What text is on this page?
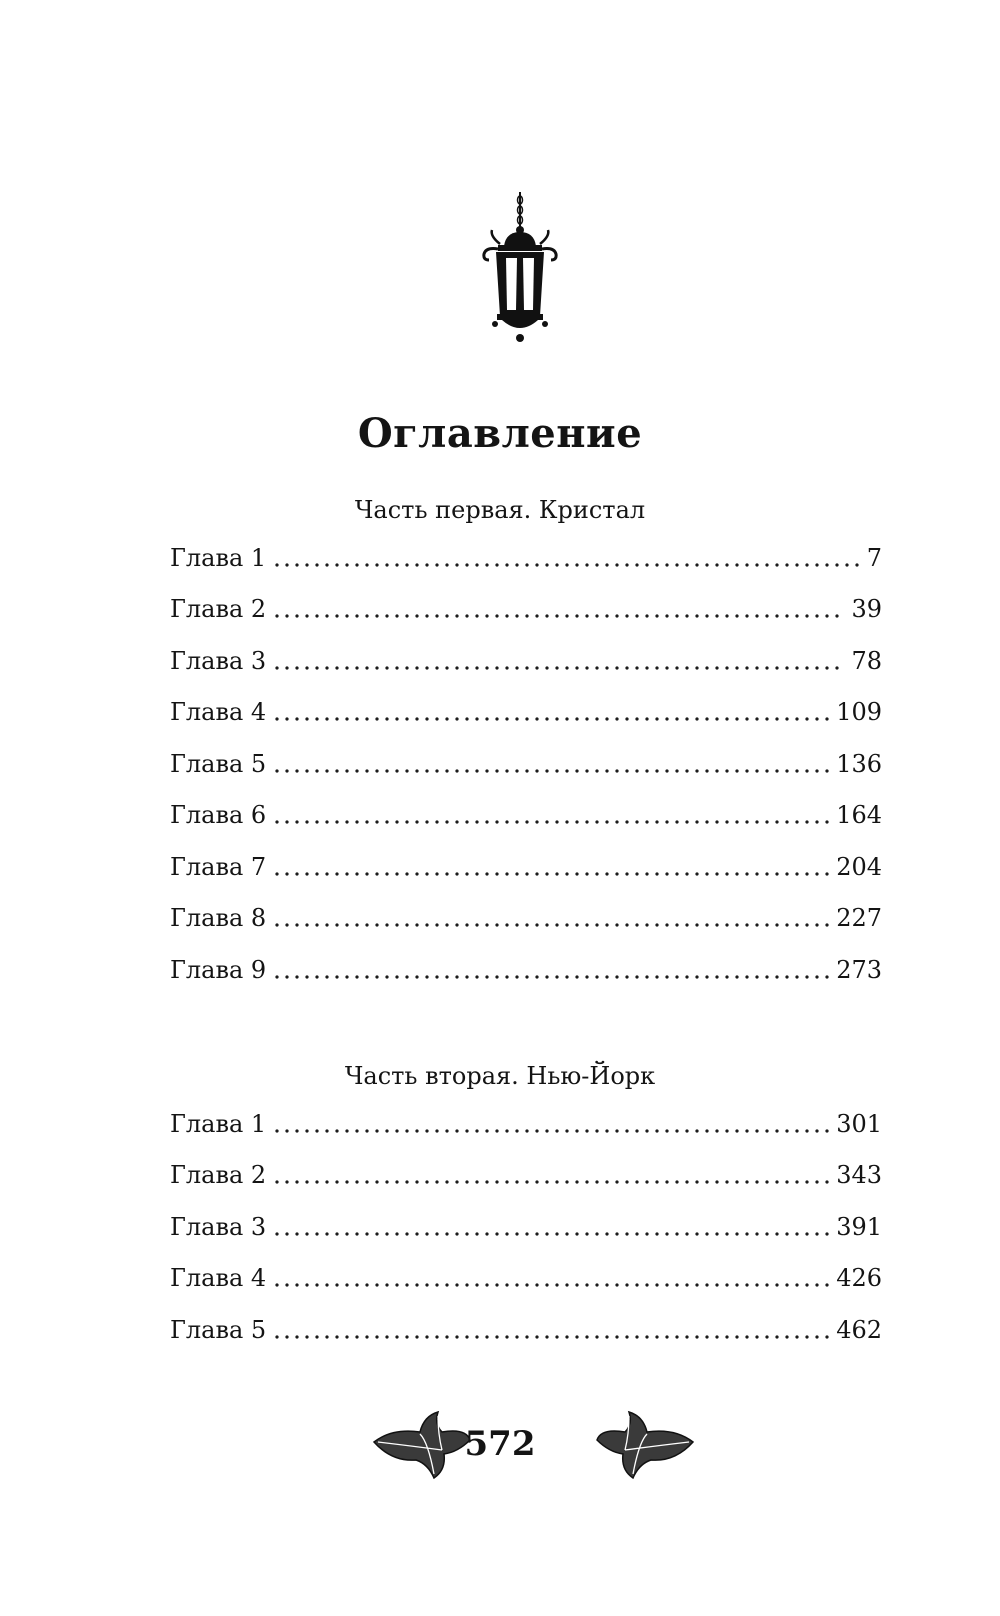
Оглавление
Часть первая. Кристал
Глава 1	7
Глава 2	39
Глава 3	78
Глава 4	109
Глава 5	136
Глава 6	164
Глава 7	204
Глава 8	227
Глава 9	273
Часть вторая. Нью-Йорк
Глава 1	301
Глава 2	343
Глава 3	391
Глава 4	426
Глава 5	462
572
